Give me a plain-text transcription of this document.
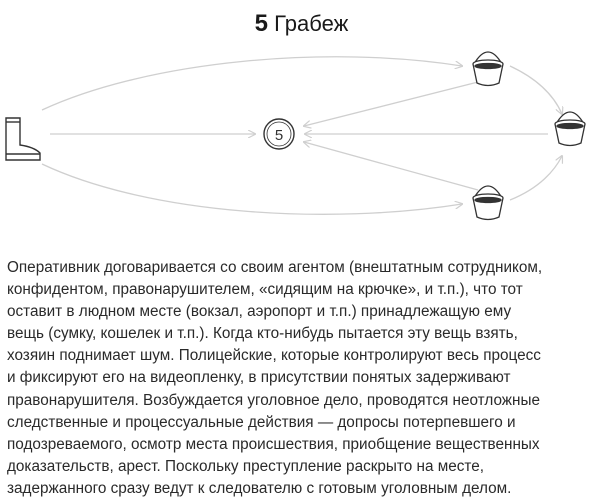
5 Грабеж
5
Оперативник договаривается со своим агентом (внештатным сотрудником,
конфидентом, правонарушителем, «сидящим на крючке», и т.п.), что тот
оставит в людном месте (вокзал, аэропорт и т.п.) принадлежащую ему
вещь (сумку, кошелек и т.п.). Когда кто-нибудь пытается эту вещь взять,
хозяин поднимает шум. Полицейские, которые контролируют весь процесс
и фиксируют его на видеопленку, в присутствии понятых задерживают
правонарушителя. Возбуждается уголовное дело, проводятся неотложные
следственные и процессуальные действия — допросы потерпевшего и
подозреваемого, осмотр места происшествия, приобщение вещественных
доказательств, арест. Поскольку преступление раскрыто на месте,
задержанного сразу ведут к следователю с готовым уголовным делом.
